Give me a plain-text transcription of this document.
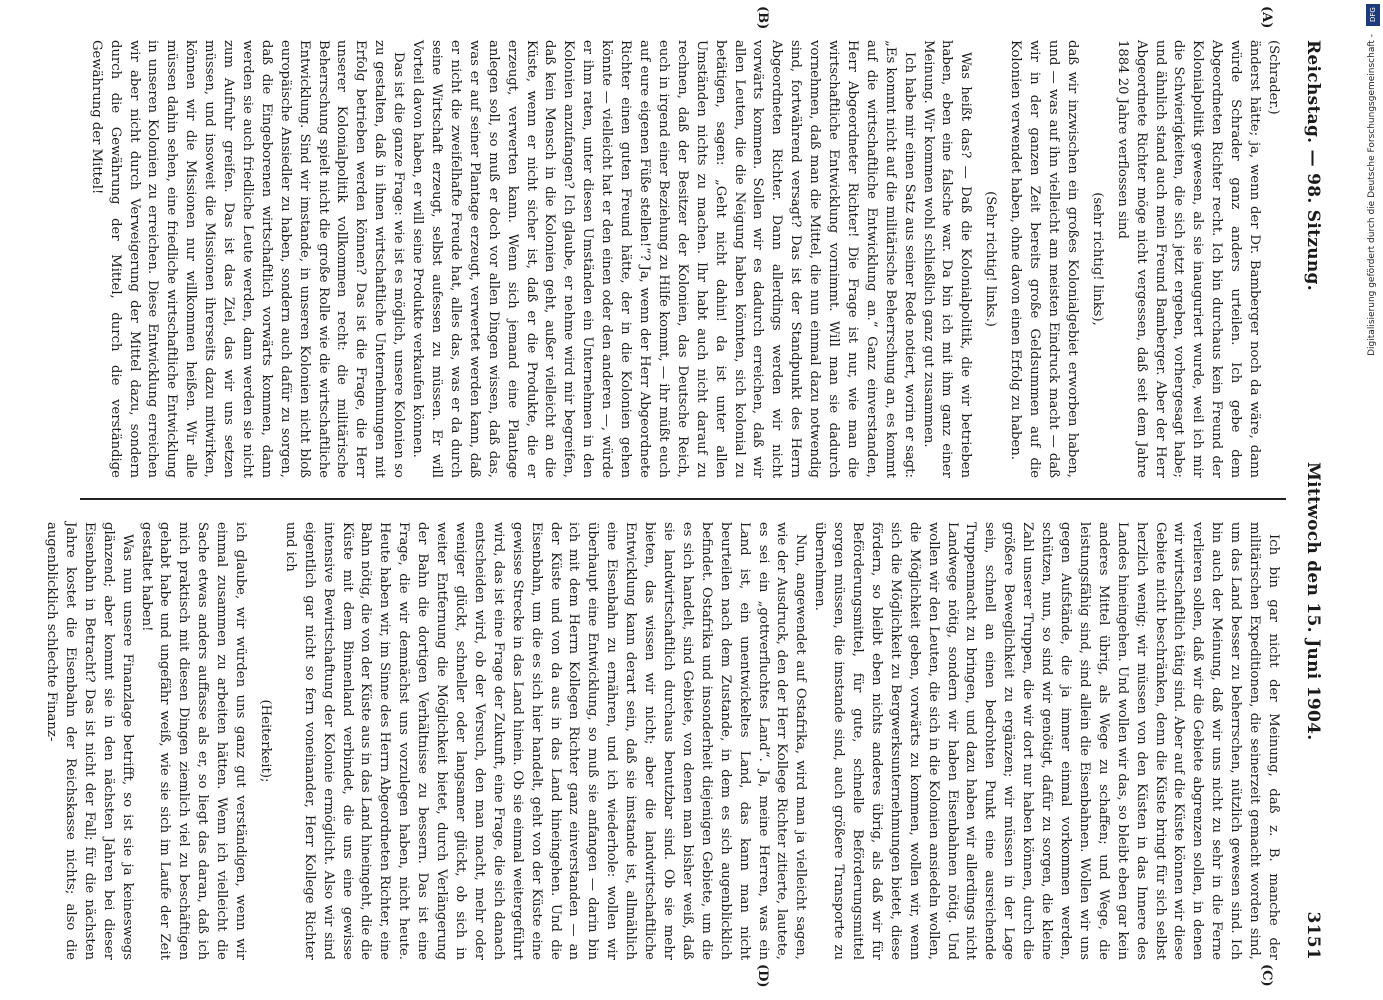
Reichstag. — 98. Sitzung.
Mittwoch den 15. Juni 1904.
3151
(A)
(B)
(C)
(D)

(Schrader.)

änderst hätte; ja, wenn der Dr. Bamberger noch da wäre, dann würde Schrader ganz anders urteilen. Ich gebe dem Abgeordneten Richter recht. Ich bin durchaus kein Freund der Kolonialpolitik gewesen, als sie inauguriert wurde, weil ich mir die Schwierigkeiten, die sich jetzt ergeben, vorhergesagt habe; und ähnlich stand auch mein Freund Bamberger. Aber der Herr Abgeordnete Richter möge nicht vergessen, daß seit dem Jahre 1884 20 Jahre verflossen sind

(sehr richtig! links),

daß wir inzwischen ein großes Kolonialgebiet erworben haben, und — was auf ihn vielleicht am meisten Eindruck macht — daß wir in der ganzen Zeit bereits große Geldsummen auf die Kolonien verwendet haben, ohne davon einen Erfolg zu haben.

(Sehr richtig! links.)

Was heißt das? — Daß die Kolonialpolitik, die wir betrieben haben, eben eine falsche war. Da bin ich mit ihm ganz einer Meinung. Wir kommen wohl schließlich ganz gut zusammen.

Ich habe mir einen Satz aus seiner Rede notiert, worin er sagt: „Es kommt nicht auf die militärische Beherrschung an, es kommt auf die wirtschaftliche Entwicklung an.“ Ganz einverstanden, Herr Abgeordneter Richter! Die Frage ist nur, wie man die wirtschaftliche Entwicklung vornimmt. Will man sie dadurch vornehmen, daß man die Mittel, die nun einmal dazu notwendig sind, fortwährend versagt? Das ist der Standpunkt des Herrn Abgeordneten Richter. Dann allerdings werden wir nicht vorwärts kommen. Sollen wir es dadurch erreichen, daß wir allen Leuten, die die Neigung haben könnten, sich kolonial zu betätigen, sagen: „Geht nicht dahin! da ist unter allen Umständen nichts zu machen. Ihr habt auch nicht darauf zu rechnen, daß der Besitzer der Kolonien, das Deutsche Reich, euch in irgend einer Beziehung zu Hilfe kommt, — ihr müßt euch auf eure eigenen Füße stellen!“? Ja, wenn der Herr Abgeordnete Richter einen guten Freund hätte, der in die Kolonien gehen könnte — vielleicht hat er den einen oder den anderen —, würde er ihm raten, unter diesen Umständen ein Unternehmen in den Kolonien anzufangen? Ich glaube, er nehme wird mir begreifen, daß kein Mensch in die Kolonien geht, außer vielleicht an die Küste, wenn er nicht sicher ist, daß er die Produkte, die er erzeugt, verwerten kann. Wenn sich jemand eine Plantage anlegen soll, so muß er doch vor allen Dingen wissen, daß das, was er auf seiner Plantage erzeugt, verwertet werden kann, daß er nicht die zweifelhafte Freude hat, alles das, was er da durch seine Wirtschaft erzeugt, selbst aufessen zu müssen. Er will Vorteil davon haben, er will seine Produkte verkaufen können.

Das ist die ganze Frage: wie ist es möglich, unsere Kolonien so zu gestalten, daß in ihnen wirtschaftliche Unternehmungen mit Erfolg betrieben werden können? Das ist die Frage, die Herr unserer Kolonialpolitik vollkommen recht: die militärische Beherrschung spielt nicht die große Rolle wie die wirtschaftliche Entwicklung. Sind wir imstande, in unseren Kolonien nicht bloß europäische Ansiedler zu haben, sondern auch dafür zu sorgen, daß die Eingeborenen wirtschaftlich vorwärts kommen, dann werden sie auch friedliche Leute werden, dann werden sie nicht zum Aufruhr greifen. Das ist das Ziel, das wir uns setzen müssen, und insoweit die Missionen ihrerseits dazu mitwirken, können wir die Missionen nur willkommen heißen. Wir alle müssen dahin sehen, eine friedliche wirtschaftliche Entwicklung in unseren Kolonien zu erreichen. Diese Entwicklung erreichen wir aber nicht durch Verweigerung der Mittel dazu, sondern durch die Gewährung der Mittel, durch die verständige Gewährung der Mittel!

Ich bin gar nicht der Meinung, daß z. B. manche der militärischen Expeditionen, die seinerzeit gemacht worden sind, um das Land besser zu beherrschen, nützlich gewesen sind. Ich bin auch der Meinung, daß wir uns nicht zu sehr in die Ferne verlieren sollen, daß wir die Gebiete abgrenzen sollen, in denen wir wirtschaftlich tätig sind. Aber auf die Küste können wir diese Gebiete nicht beschränken, denn die Küste bringt für sich selbst herzlich wenig; wir müssen von den Küsten in das Innere des Landes hineingehen. Und wollen wir das, so bleibt eben gar kein anderes Mittel übrig, als Wege zu schaffen; und Wege, die leistungsfähig sind, sind allein die Eisenbahnen. Wollen wir uns gegen Aufstände, die ja immer einmal vorkommen werden, schützen, nun, so sind wir genötigt, dafür zu sorgen, die kleine Zahl unserer Truppen, die wir dort nur haben können, durch die größere Beweglichkeit zu ergänzen; wir müssen in der Lage sein, schnell an einen bedrohten Punkt eine ausreichende Truppenmacht zu bringen, und dazu haben wir allerdings nicht Landwege nötig, sondern wir haben Eisenbahnen nötig. Und wollen wir den Leuten, die sich in die Kolonien ansiedeln wollen, die Möglichkeit geben, vorwärts zu kommen, wollen wir, wenn sich die Möglichkeit zu Bergwerksunternehmungen bietet, diese fördern, so bleibt eben nichts anderes übrig, als daß wir für Beförderungsmittel, für gute, schnelle Beförderungsmittel sorgen müssen, die imstande sind, auch größere Transporte zu übernehmen.

Nun, angewendet auf Ostafrika, wird man ja vielleicht sagen, wie der Ausdruck, den der Herr Kollege Richter zitierte, lautete, es sei ein „gottverfluchtes Land“. Ja, meine Herren, was ein Land ist, ein unentwickeltes Land, das kann man nicht beurteilen nach dem Zustande, in dem es sich augenblicklich befindet. Ostafrika und insonderheit diejenigen Gebiete, um die es sich handelt, sind Gebiete, von denen man bisher weiß, daß sie landwirtschaftlich durchaus benutzbar sind. Ob sie mehr bieten, das wissen wir nicht; aber die landwirtschaftliche Entwicklung kann derart sein, daß sie imstande ist, allmählich eine Eisenbahn zu ernähren, und ich wiederhole: wollen wir überhaupt eine Entwicklung, so muß sie anfangen — darin bin ich mit dem Herrn Kollegen Richter ganz einverstanden — an der Küste und von da aus in das Land hineingehen. Und die Eisenbahn, um die es sich hier handelt, geht von der Küste eine gewisse Strecke in das Land hinein. Ob sie einmal weitergeführt wird, das ist eine Frage der Zukunft, eine Frage, die sich danach entscheiden wird, ob der Versuch, den man macht, mehr oder weniger glückt, schneller oder langsamer glückt, ob sich in weiter Entfernung die Möglichkeit bietet, durch Verlängerung der Bahn die dortigen Verhältnisse zu bessern. Das ist eine Frage, die wir demnächst uns vorzulegen haben, nicht heute. Heute haben wir, im Sinne des Herrn Abgeordneten Richter, eine Bahn nötig, die von der Küste aus in das Land hineingeht, die die Küste mit dem Binnenland verbindet, die uns eine gewisse intensive Bewirtschaftung der Kolonie ermöglicht. Also wir sind eigentlich gar nicht so fern voneinander, Herr Kollege Richter und ich

(Heiterkeit);

ich glaube, wir würden uns ganz gut verständigen, wenn wir einmal zusammen zu arbeiten hätten. Wenn ich vielleicht die Sache etwas anders auffasse als er, so liegt das daran, daß ich mich praktisch mit diesen Dingen ziemlich viel zu beschäftigen gehabt habe und ungefähr weiß, wie sie sich im Laufe der Zeit gestaltet haben!

Was nun unsere Finanzlage betrifft, so ist sie ja keineswegs glänzend; aber kommt sie in den nächsten Jahren bei dieser Eisenbahn in Betracht? Das ist nicht der Fall; für die nächsten Jahre kostet die Eisenbahn der Reichskasse nichts; also die augenblicklich schlechte Finanz-

DFG
Digitalisierung gefördert durch die Deutsche Forschungsgemeinschaft -
